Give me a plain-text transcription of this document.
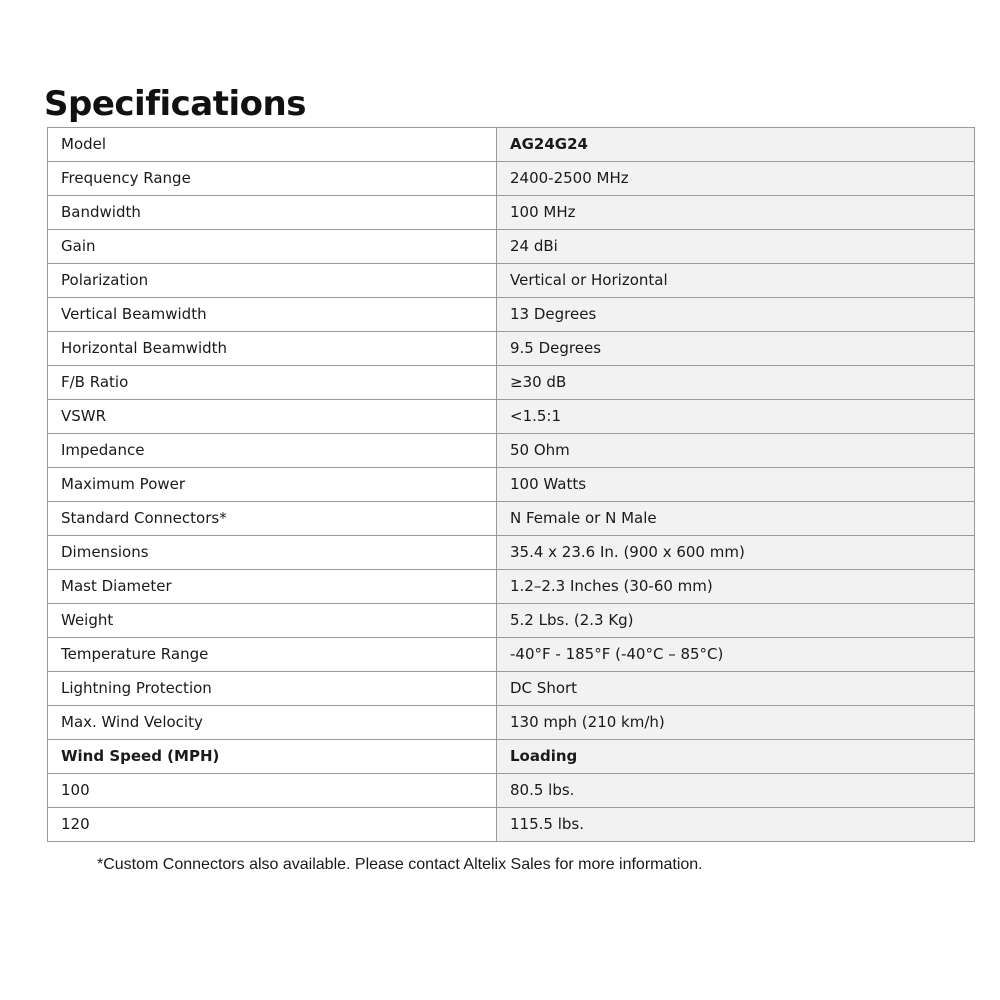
Specifications
Model	AG24G24
Frequency Range	2400-2500 MHz
Bandwidth	100 MHz
Gain	24 dBi
Polarization	Vertical or Horizontal
Vertical Beamwidth	13 Degrees
Horizontal Beamwidth	9.5 Degrees
F/B Ratio	≥30 dB
VSWR	<1.5:1
Impedance	50 Ohm
Maximum Power	100 Watts
Standard Connectors*	N Female or N Male
Dimensions	35.4 x 23.6 In. (900 x 600 mm)
Mast Diameter	1.2–2.3 Inches (30-60 mm)
Weight	5.2 Lbs. (2.3 Kg)
Temperature Range	-40°F - 185°F (-40°C – 85°C)
Lightning Protection	DC Short
Max. Wind Velocity	130 mph (210 km/h)
Wind Speed (MPH)	Loading
100	80.5 lbs.
120	115.5 lbs.

*Custom Connectors also available. Please contact Altelix Sales for more information.
